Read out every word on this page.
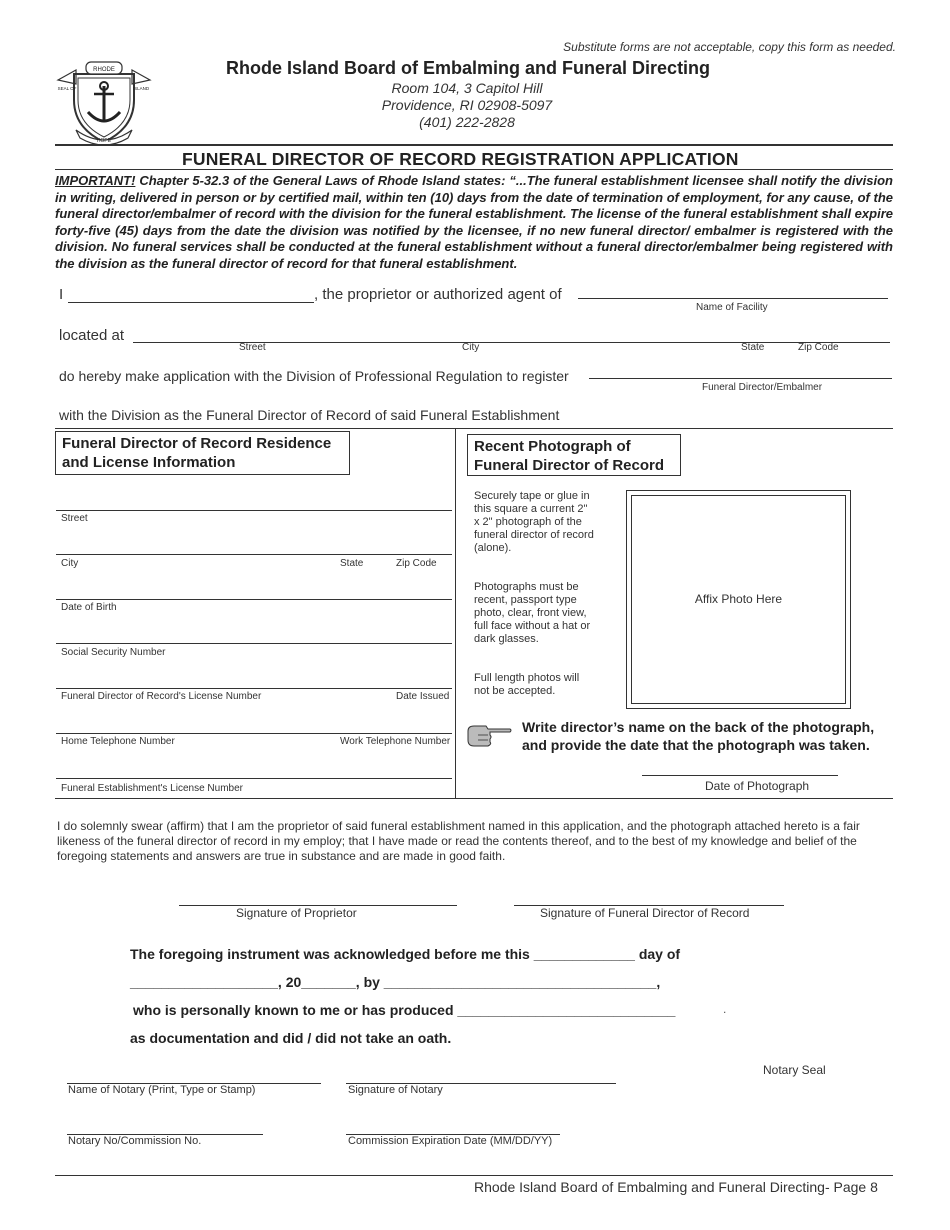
Substitute forms are not acceptable, copy this form as needed.
RHODE
SEAL OF	ISLAND
HOPE
Rhode Island Board of Embalming and Funeral Directing
Room 104, 3 Capitol Hill
Providence, RI 02908-5097
(401) 222-2828
FUNERAL DIRECTOR OF RECORD REGISTRATION APPLICATION
IMPORTANT! Chapter 5-32.3 of the General Laws of Rhode Island states: “...The funeral establishment licensee shall notify the division in writing, delivered in person or by certified mail, within ten (10) days from the date of termination of employment, for any cause, of the funeral director/embalmer of record with the division for the funeral establishment. The license of the funeral establishment shall expire forty-five (45) days from the date the division was notified by the licensee, if no new funeral director/ embalmer is registered with the division. No funeral services shall be conducted at the funeral establishment without a funeral director/embalmer being registered with the division as the funeral director of record for that funeral establishment.
I	, the proprietor or authorized agent of
Name of Facility
located at
Street	City	State	Zip Code
do hereby make application with the Division of Professional Regulation to register
Funeral Director/Embalmer
with the Division as the Funeral Director of Record of said Funeral Establishment
Funeral Director of Record Residence and License Information
Street
City	State	Zip Code
Date of Birth
Social Security Number
Funeral Director of Record's License Number	Date Issued
Home Telephone Number	Work Telephone Number
Funeral Establishment's License Number
Recent Photograph of Funeral Director of Record
Securely tape or glue in this square a current 2" x 2" photograph of the funeral director of record (alone).
Photographs must be recent, passport type photo, clear, front view, full face without a hat or dark glasses.
Full length photos will not be accepted.
Affix Photo Here
Write director’s name on the back of the photograph,
and provide the date that the photograph was taken.
Date of Photograph
I do solemnly swear (affirm) that I am the proprietor of said funeral establishment named in this application, and the photograph attached hereto is a fair likeness of the funeral director of record in my employ; that I have made or read the contents thereof, and to the best of my knowledge and belief of the foregoing statements and answers are true in substance and are made in good faith.
Signature of Proprietor	Signature of Funeral Director of Record
The foregoing instrument was acknowledged before me this _____________ day of
___________________, 20_______, by ___________________________________,
who is personally known to me or has produced ____________________________	.
as documentation and did / did not take an oath.
Notary Seal
Name of Notary (Print, Type or Stamp)	Signature of Notary
Notary No/Commission No.	Commission Expiration Date (MM/DD/YY)
Rhode Island Board of Embalming and Funeral Directing- Page 8
